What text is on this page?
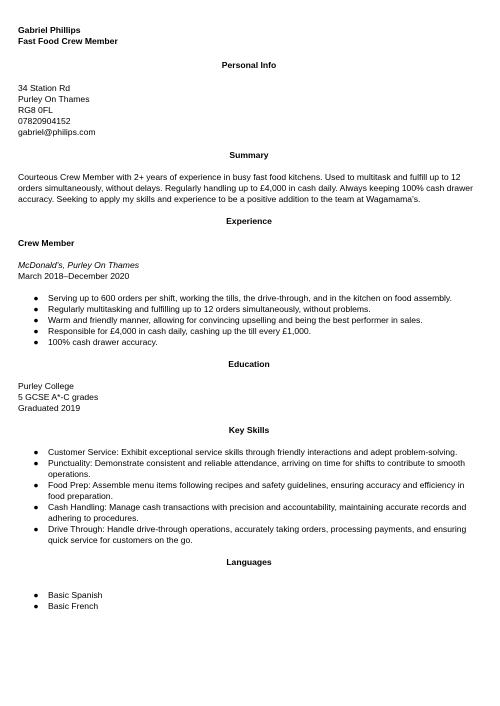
Gabriel Phillips
Fast Food Crew Member
Personal Info
34 Station Rd
Purley On Thames
RG8 0FL
07820904152
gabriel@philips.com
Summary
Courteous Crew Member with 2+ years of experience in busy fast food kitchens. Used to multitask and fulfill up to 12 orders simultaneously, without delays. Regularly handling up to £4,000 in cash daily. Always keeping 100% cash drawer accuracy. Seeking to apply my skills and experience to be a positive addition to the team at Wagamama's.
Experience
Crew Member
McDonald's, Purley On Thames
March 2018–December 2020
● Serving up to 600 orders per shift, working the tills, the drive-through, and in the kitchen on food assembly.
● Regularly multitasking and fulfilling up to 12 orders simultaneously, without problems.
● Warm and friendly manner, allowing for convincing upselling and being the best performer in sales.
● Responsible for £4,000 in cash daily, cashing up the till every £1,000.
● 100% cash drawer accuracy.
Education
Purley College
5 GCSE A*-C grades
Graduated 2019
Key Skills
● Customer Service: Exhibit exceptional service skills through friendly interactions and adept problem-solving.
● Punctuality: Demonstrate consistent and reliable attendance, arriving on time for shifts to contribute to smooth operations.
● Food Prep: Assemble menu items following recipes and safety guidelines, ensuring accuracy and efficiency in food preparation.
● Cash Handling: Manage cash transactions with precision and accountability, maintaining accurate records and adhering to procedures.
● Drive Through: Handle drive-through operations, accurately taking orders, processing payments, and ensuring quick service for customers on the go.
Languages
● Basic Spanish
● Basic French
